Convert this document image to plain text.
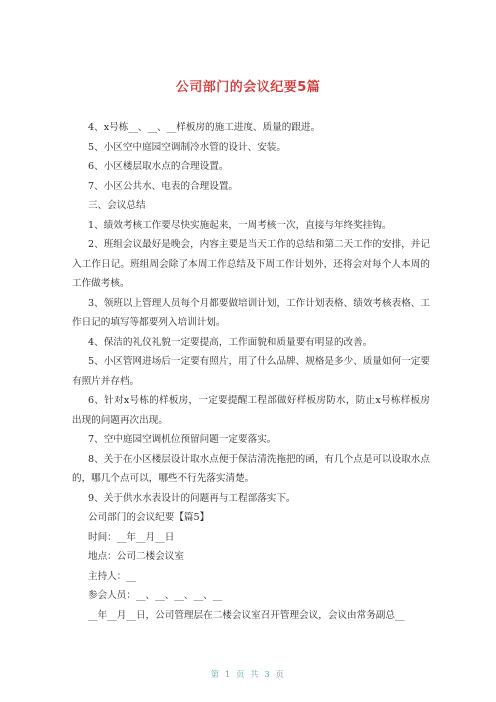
公司部门的会议纪要5篇

4、x号栋__、__、__样板房的施工进度、质量的跟进。

5、小区空中庭园空调制冷水管的设计、安装。

6、小区楼层取水点的合理设置。

7、小区公共水、电表的合理设置。

三、会议总结

1、绩效考核工作要尽快实施起来，一周考核一次，直接与年终奖挂钩。

2、班组会议最好是晚会，内容主要是当天工作的总结和第二天工作的安排，并记入工作日记。班组周会除了本周工作总结及下周工作计划外，还将会对每个人本周的工作做考核。

3、领班以上管理人员每个月都要做培训计划，工作计划表格、绩效考核表格、工作日记的填写等都要列入培训计划。

4、保洁的礼仪礼貌一定要提高，工作面貌和质量要有明显的改善。

5、小区管网进场后一定要有照片，用了什么品牌、规格是多少、质量如何一定要有照片并存档。

6、针对x号栋的样板房，一定要提醒工程部做好样板房防水，防止x号栋样板房出现的问题再次出现。

7、空中庭园空调机位预留问题一定要落实。

8、关于在小区楼层设计取水点便于保洁清洗拖把的函，有几个点是可以设取水点的，哪几个点可以，哪些不行先落实清楚。

9、关于供水水表设计的问题再与工程部落实下。

公司部门的会议纪要【篇5】

时间：__年__月__日

地点：公司二楼会议室

主持人：__

参会人员：__、__、__、__、__

__年__月__日，公司管理层在二楼会议室召开管理会议，会议由常务副总__

第 1 页 共 3 页
